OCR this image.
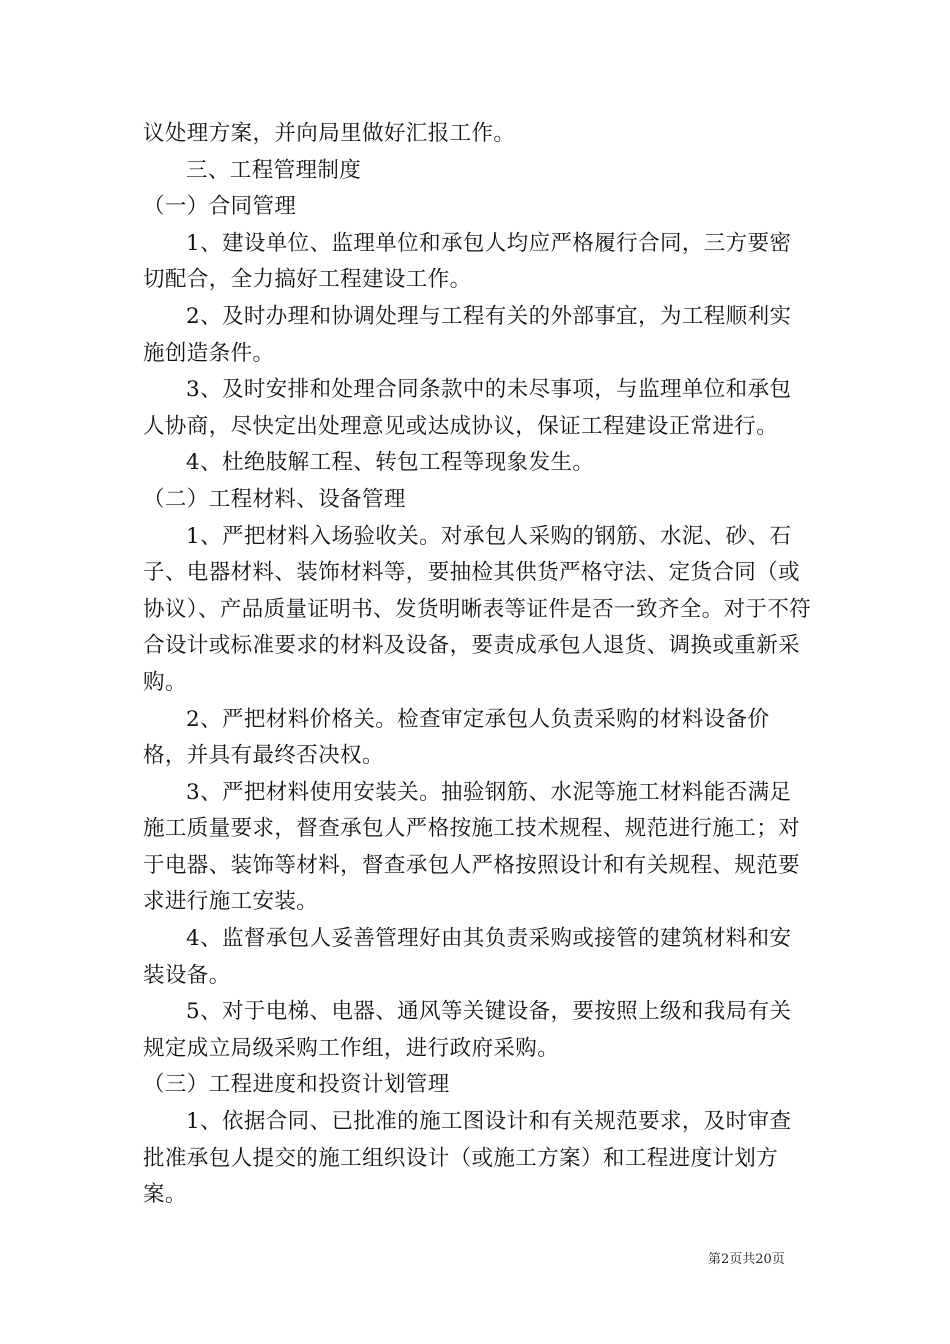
议处理方案，并向局里做好汇报工作。

三、工程管理制度

（一）合同管理

1、建设单位、监理单位和承包人均应严格履行合同，三方要密切配合，全力搞好工程建设工作。

2、及时办理和协调处理与工程有关的外部事宜，为工程顺利实施创造条件。

3、及时安排和处理合同条款中的未尽事项，与监理单位和承包人协商，尽快定出处理意见或达成协议，保证工程建设正常进行。

4、杜绝肢解工程、转包工程等现象发生。

（二）工程材料、设备管理

1、严把材料入场验收关。对承包人采购的钢筋、水泥、砂、石子、电器材料、装饰材料等，要抽检其供货严格守法、定货合同（或协议）、产品质量证明书、发货明晰表等证件是否一致齐全。对于不符合设计或标准要求的材料及设备，要责成承包人退货、调换或重新采购。

2、严把材料价格关。检查审定承包人负责采购的材料设备价格，并具有最终否决权。

3、严把材料使用安装关。抽验钢筋、水泥等施工材料能否满足施工质量要求，督查承包人严格按施工技术规程、规范进行施工；对于电器、装饰等材料，督查承包人严格按照设计和有关规程、规范要求进行施工安装。

4、监督承包人妥善管理好由其负责采购或接管的建筑材料和安装设备。

5、对于电梯、电器、通风等关键设备，要按照上级和我局有关规定成立局级采购工作组，进行政府采购。

（三）工程进度和投资计划管理

1、依据合同、已批准的施工图设计和有关规范要求，及时审查批准承包人提交的施工组织设计（或施工方案）和工程进度计划方案。

第2页共20页
